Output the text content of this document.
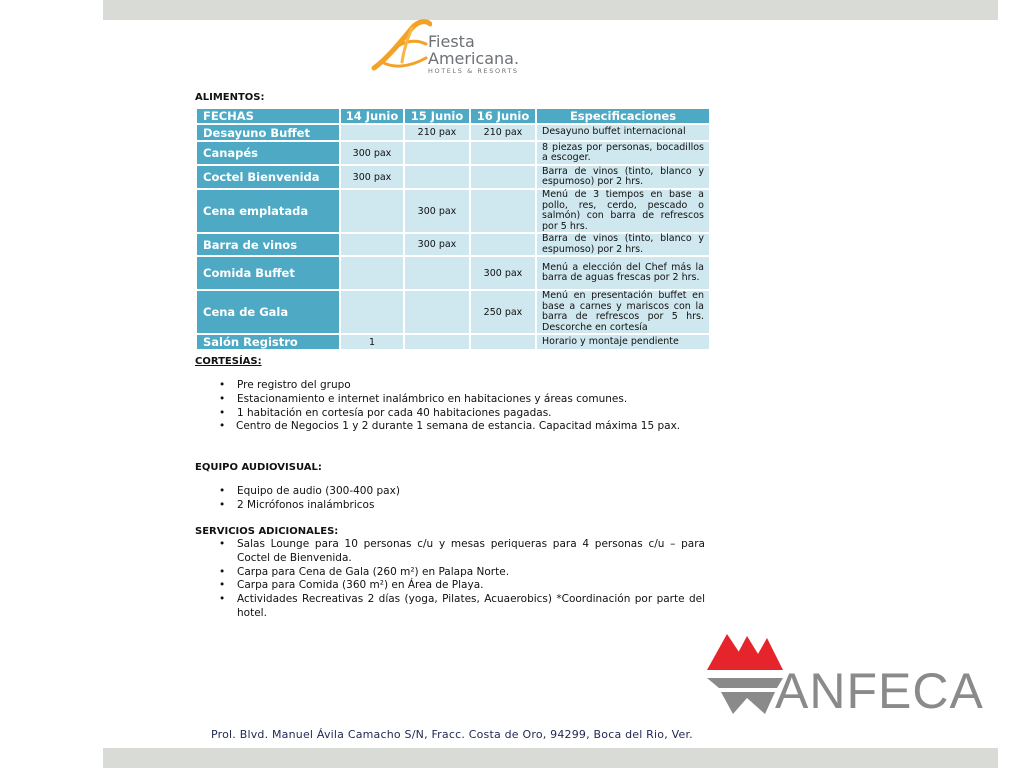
Fiesta
Americana.
HOTELS & RESORTS
ALIMENTOS:
FECHAS	14 Junio	15 Junio	16 Junio	Especificaciones
Desayuno Buffet		210 pax	210 pax	Desayuno buffet internacional
Canapés	300 pax			8 piezas por personas, bocadillos a escoger.
Coctel Bienvenida	300 pax			Barra de vinos (tinto, blanco y espumoso) por 2 hrs.
Cena emplatada		300 pax		Menú de 3 tiempos en base a pollo, res, cerdo, pescado o salmón) con barra de refrescos por 5 hrs.
Barra de vinos		300 pax		Barra de vinos (tinto, blanco y espumoso) por 2 hrs.
Comida Buffet			300 pax	Menú a elección del Chef más la barra de aguas frescas por 2 hrs.
Cena de Gala			250 pax	Menú en presentación buffet en base a carnes y mariscos con la barra de refrescos por 5 hrs. Descorche en cortesía
Salón Registro	1			Horario y montaje pendiente
CORTESÍAS:
• Pre registro del grupo
• Estacionamiento e internet inalámbrico en habitaciones y áreas comunes.
• 1 habitación en cortesía por cada 40 habitaciones pagadas.
• Centro de Negocios 1 y 2 durante 1 semana de estancia. Capacitad máxima 15 pax.
EQUIPO AUDIOVISUAL:
• Equipo de audio (300-400 pax)
• 2 Micrófonos inalámbricos
SERVICIOS ADICIONALES:
• Salas Lounge para 10 personas c/u y mesas periqueras para 4 personas c/u – para Coctel de Bienvenida.
• Carpa para Cena de Gala (260 m²) en Palapa Norte.
• Carpa para Comida (360 m²) en Área de Playa.
• Actividades Recreativas 2 días (yoga, Pilates, Acuaerobics) *Coordinación por parte del hotel.
ANFECA
Prol. Blvd. Manuel Ávila Camacho S/N, Fracc. Costa de Oro, 94299, Boca del Rio, Ver.
